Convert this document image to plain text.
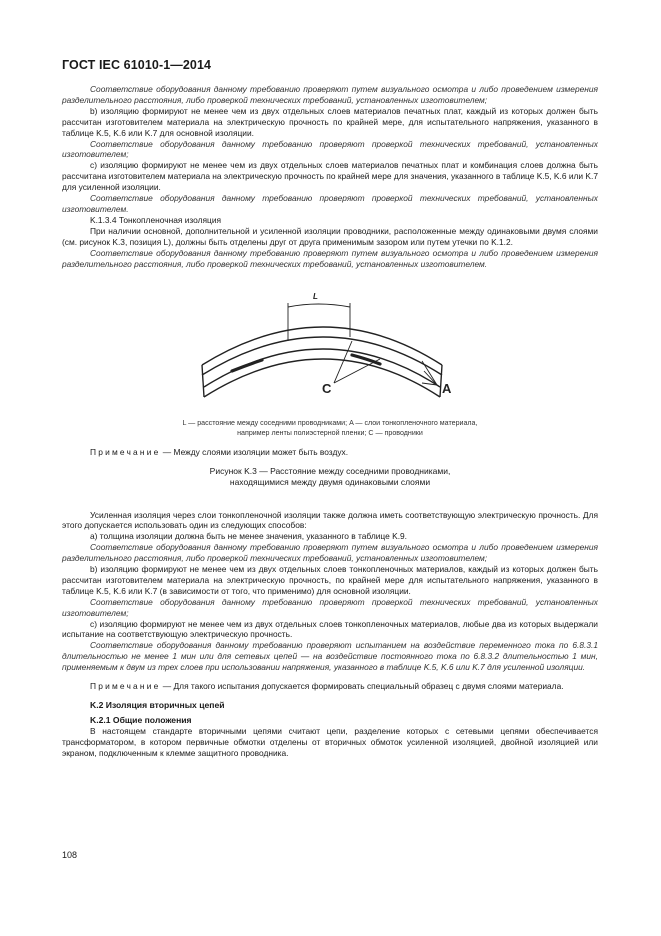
ГОСТ IEC 61010-1—2014

Соответствие оборудования данному требованию проверяют путем визуального осмотра и либо проведением измерения разделительного расстояния, либо проверкой технических требований, установленных изготовителем;

b) изоляцию формируют не менее чем из двух отдельных слоев материалов печатных плат, каждый из которых должен быть рассчитан изготовителем материала на электрическую прочность по крайней мере, для испытательного напряжения, указанного в таблице K.5, K.6 или K.7 для основной изоляции.

Соответствие оборудования данному требованию проверяют проверкой технических требований, установленных изготовителем;

c) изоляцию формируют не менее чем из двух отдельных слоев материалов печатных плат и комбинация слоев должна быть рассчитана изготовителем материала на электрическую прочность по крайней мере для значения, указанного в таблице K.5, K.6 или K.7 для усиленной изоляции.

Соответствие оборудования данному требованию проверяют проверкой технических требований, установленных изготовителем.

K.1.3.4 Тонкопленочная изоляция

При наличии основной, дополнительной и усиленной изоляции проводники, расположенные между одинаковыми двумя слоями (см. рисунок K.3, позиция L), должны быть отделены друг от друга применимым зазором или путем утечки по K.1.2.

Соответствие оборудования данному требованию проверяют путем визуального осмотра и либо проведением измерения разделительного расстояния, либо проверкой технических требований, установленных изготовителем.

L
C	A

L — расстояние между соседними проводниками; A — слои тонкопленочного материала,

например ленты полиэстерной пленки; C — проводники

Примечание — Между слоями изоляции может быть воздух.

Рисунок K.3 — Расстояние между соседними проводниками,

находящимися между двумя одинаковыми слоями

Усиленная изоляция через слои тонкопленочной изоляции также должна иметь соответствующую электрическую прочность. Для этого допускается использовать один из следующих способов:

a) толщина изоляции должна быть не менее значения, указанного в таблице K.9.

Соответствие оборудования данному требованию проверяют путем визуального осмотра и либо проведением измерения разделительного расстояния, либо проверкой технических требований, установленных изготовителем;

b) изоляцию формируют не менее чем из двух отдельных слоев тонкопленочных материалов, каждый из которых должен быть рассчитан изготовителем материала на электрическую прочность, по крайней мере для испытательного напряжения, указанного в таблице K.5, K.6 или K.7 (в зависимости от того, что применимо) для основной изоляции.

Соответствие оборудования данному требованию проверяют проверкой технических требований, установленных изготовителем;

c) изоляцию формируют не менее чем из двух отдельных слоев тонкопленочных материалов, любые два из которых выдержали испытание на соответствующую электрическую прочность.

Соответствие оборудования данному требованию проверяют испытанием на воздействие переменного тока по 6.8.3.1 длительностью не менее 1 мин или для сетевых цепей — на воздействие постоянного тока по 6.8.3.2 длительностью 1 мин, применяемым к двум из трех слоев при использовании напряжения, указанного в таблице K.5, K.6 или K.7 для усиленной изоляции.

Примечание — Для такого испытания допускается формировать специальный образец с двумя слоями материала.

K.2 Изоляция вторичных цепей

K.2.1 Общие положения

В настоящем стандарте вторичными цепями считают цепи, разделение которых с сетевыми цепями обеспечивается трансформатором, в котором первичные обмотки отделены от вторичных обмоток усиленной изоляцией, двойной изоляцией или экраном, подключенным к клемме защитного проводника.

108
